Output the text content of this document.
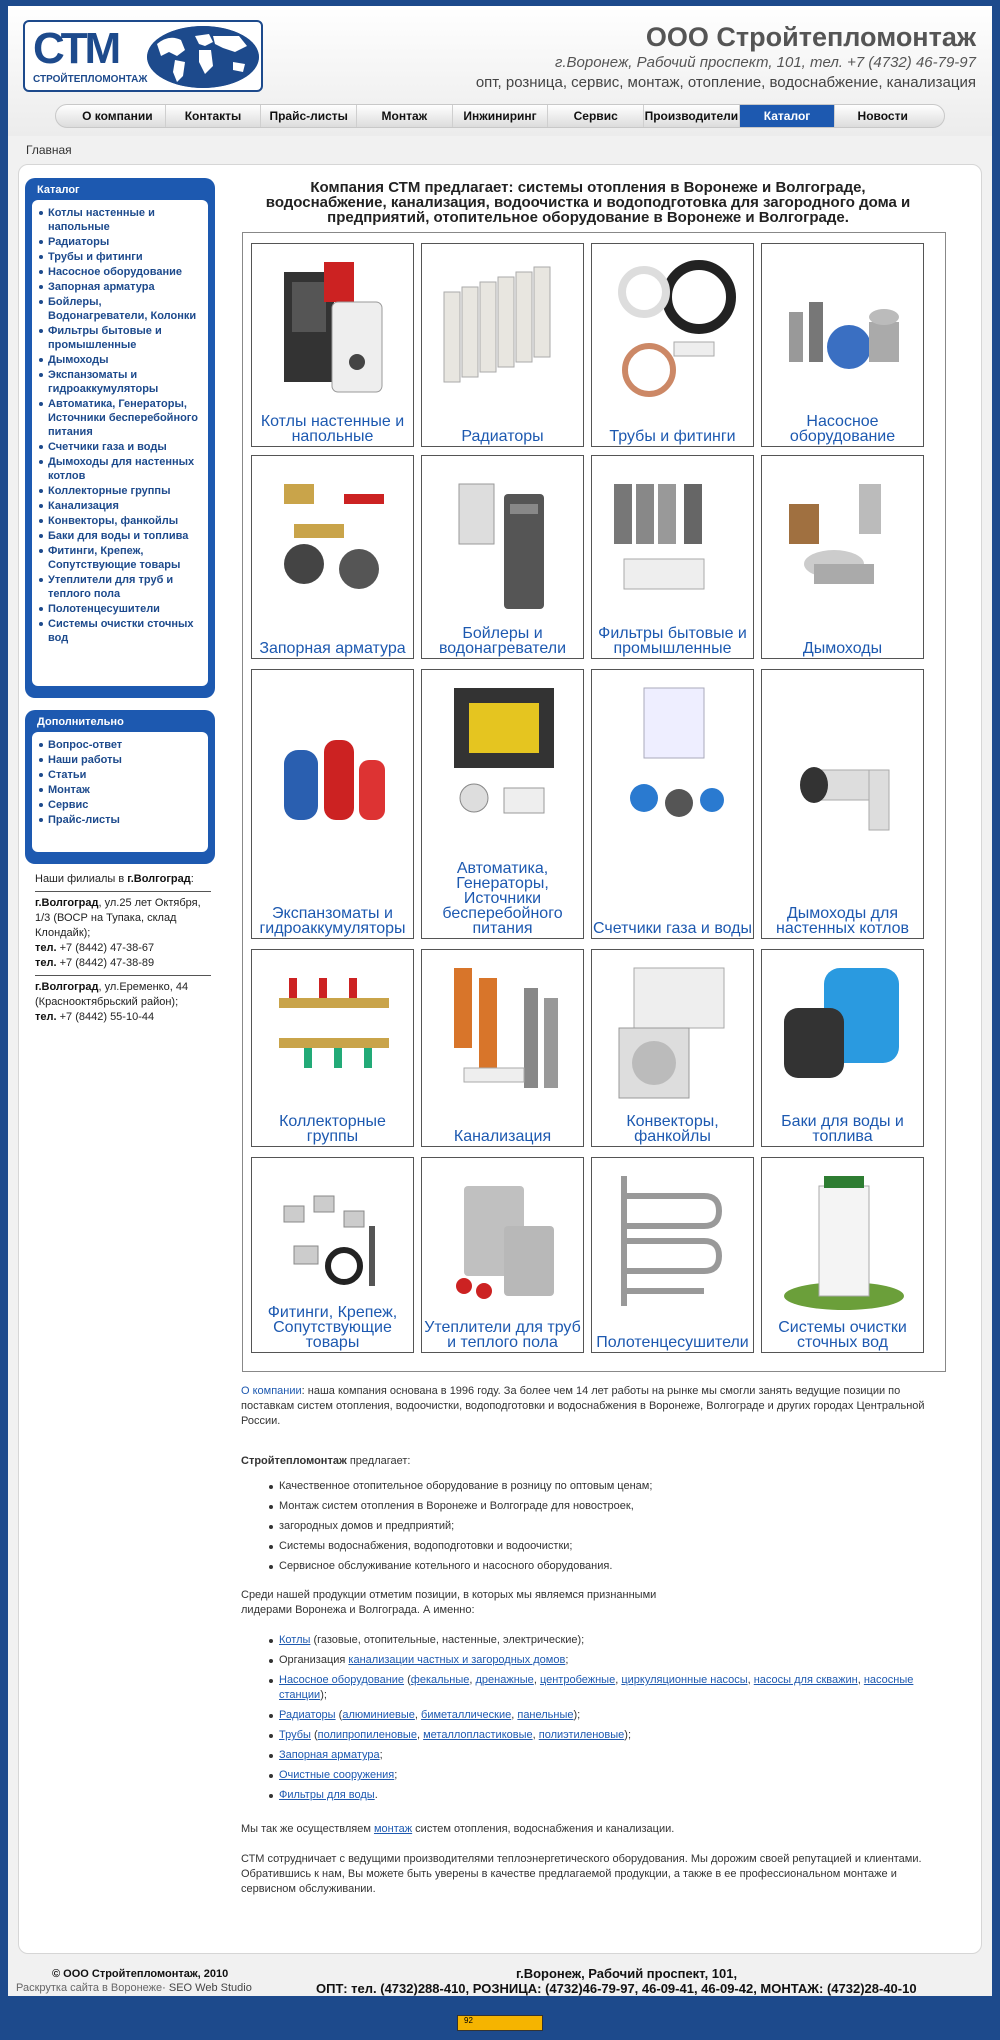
СТМ
СТРОЙТЕПЛОМОНТАЖ
ООО Стройтепломонтаж
г.Воронеж, Рабочий проспект, 101, тел. +7 (4732) 46-79-97
опт, розница, сервис, монтаж, отопление, водоснабжение, канализация
О компании	Контакты	Прайс-листы	Монтаж	Инжиниринг	Сервис	Производители	Каталог	Новости
Главная
Каталог
Котлы настенные и напольные
Радиаторы
Трубы и фитинги
Насосное оборудование
Запорная арматура
Бойлеры, Водонагреватели, Колонки
Фильтры бытовые и промышленные
Дымоходы
Экспанзоматы и гидроаккумуляторы
Автоматика, Генераторы, Источники бесперебойного питания
Счетчики газа и воды
Дымоходы для настенных котлов
Коллекторные группы
Канализация
Конвекторы, фанкойлы
Баки для воды и топлива
Фитинги, Крепеж, Сопутствующие товары
Утеплители для труб и теплого пола
Полотенцесушители
Системы очистки сточных вод
Дополнительно
Вопрос-ответ
Наши работы
Статьи
Монтаж
Сервис
Прайс-листы
Наши филиалы в г.Волгоград:
г.Волгоград, ул.25 лет Октября, 1/3 (ВОСР на Тупака, склад Клондайк);
тел. +7 (8442) 47-38-67
тел. +7 (8442) 47-38-89
г.Волгоград, ул.Еременко, 44 (Краснооктябрьский район);
тел. +7 (8442) 55-10-44
Компания СТМ предлагает: системы отопления в Воронеже и Волгограде, водоснабжение, канализация, водоочистка и водоподготовка для загородного дома и предприятий, отопительное оборудование в Воронеже и Волгограде.
Котлы настенные и напольные	Радиаторы	Трубы и фитинги
Насосное оборудование
Запорная арматура
Бойлеры и водонагреватели
Фильтры бытовые и промышленные	Дымоходы
Экспанзоматы и гидроаккумуляторы
Автоматика, Генераторы, Источники бесперебойного питания	Счетчики газа и воды
Дымоходы для настенных котлов
Коллекторные группы	Канализация
Конвекторы, фанкойлы
Баки для воды и топлива
Фитинги, Крепеж, Сопутствующие товары
Утеплители для труб и теплого пола	Полотенцесушители
Системы очистки сточных вод
О компании: наша компания основана в 1996 году. За более чем 14 лет работы на рынке мы смогли занять ведущие позиции по поставкам систем отопления, водоочистки, водоподготовки и водоснабжения в Воронеже, Волгограде и других городах Центральной России.
Стройтепломонтаж предлагает:
Качественное отопительное оборудование в розницу по оптовым ценам;
Монтаж систем отопления в Воронеже и Волгограде для новостроек,
загородных домов и предприятий;
Системы водоснабжения, водоподготовки и водоочистки;
Сервисное обслуживание котельного и насосного оборудования.
Среди нашей продукции отметим позиции, в которых мы являемся признанными
лидерами Воронежа и Волгограда. А именно:
Котлы (газовые, отопительные, настенные, электрические);
Организация канализации частных и загородных домов;
Насосное оборудование (фекальные, дренажные, центробежные, циркуляционные насосы, насосы для скважин, насосные станции);
Радиаторы (алюминиевые, биметаллические, панельные);
Трубы (полипропиленовые, металлопластиковые, полиэтиленовые);
Запорная арматура;
Очистные сооружения;
Фильтры для воды.
Мы так же осуществляем монтаж систем отопления, водоснабжения и канализации.
СТМ сотрудничает с ведущими производителями теплоэнергетического оборудования. Мы дорожим своей репутацией и клиентами. Обратившись к нам, Вы можете быть уверены в качестве предлагаемой продукции, а также в ее профессиональном монтаже и сервисном обслуживании.
© ООО Стройтепломонтаж, 2010
Раскрутка сайта в Воронеже· SEO Web Studio
г.Воронеж, Рабочий проспект, 101,
ОПТ: тел. (4732)288-410, РОЗНИЦА: (4732)46-79-97, 46-09-41, 46-09-42, МОНТАЖ: (4732)28-40-10
92
